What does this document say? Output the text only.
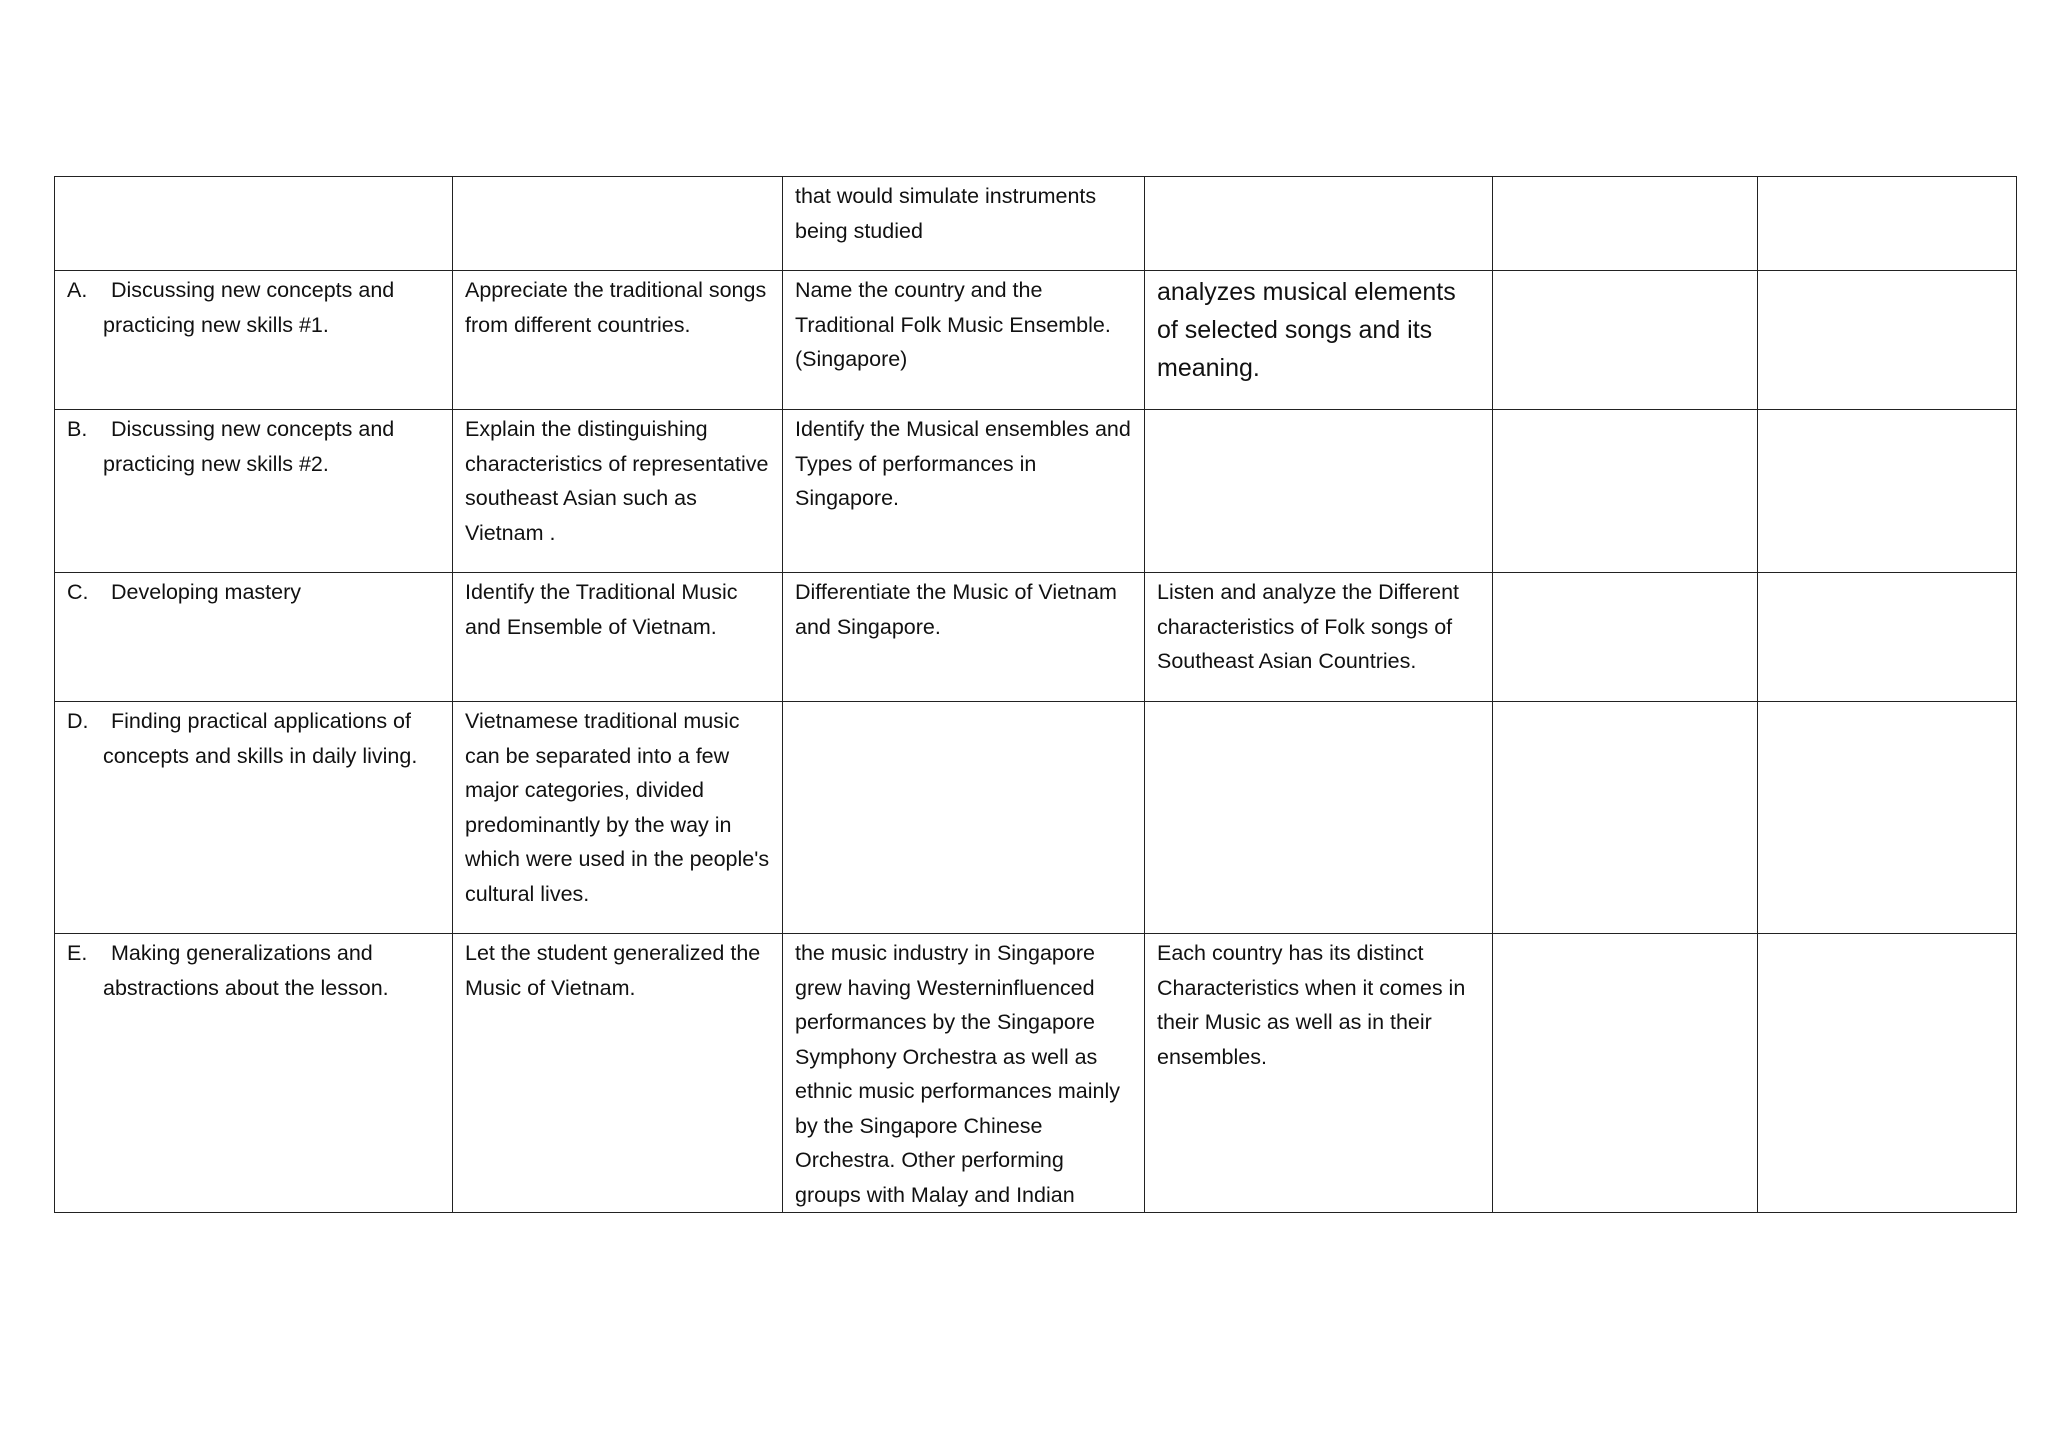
		that would simulate instruments being studied			

A. Discussing new concepts and practicing new skills #1.	Appreciate the traditional songs from different countries.	Name the country and the Traditional Folk Music Ensemble. (Singapore)	analyzes musical elements of selected songs and its meaning.		

B. Discussing new concepts and practicing new skills #2.	Explain the distinguishing characteristics of representative southeast Asian such as Vietnam .	Identify the Musical ensembles and Types of performances in Singapore.			

C. Developing mastery	Identify the Traditional Music and Ensemble of Vietnam.	Differentiate the Music of Vietnam and Singapore.	Listen and analyze the Different characteristics of Folk songs of Southeast Asian Countries.		

D. Finding practical applications of concepts and skills in daily living.	Vietnamese traditional music can be separated into a few major categories, divided predominantly by the way in which were used in the people's cultural lives.				

E. Making generalizations and abstractions about the lesson.	Let the student generalized the Music of Vietnam.	the music industry in Singapore grew having Westerninfluenced performances by the Singapore Symphony Orchestra as well as ethnic music performances mainly by the Singapore Chinese Orchestra. Other performing groups with Malay and Indian	Each country has its distinct Characteristics when it comes in their Music as well as in their ensembles.		
